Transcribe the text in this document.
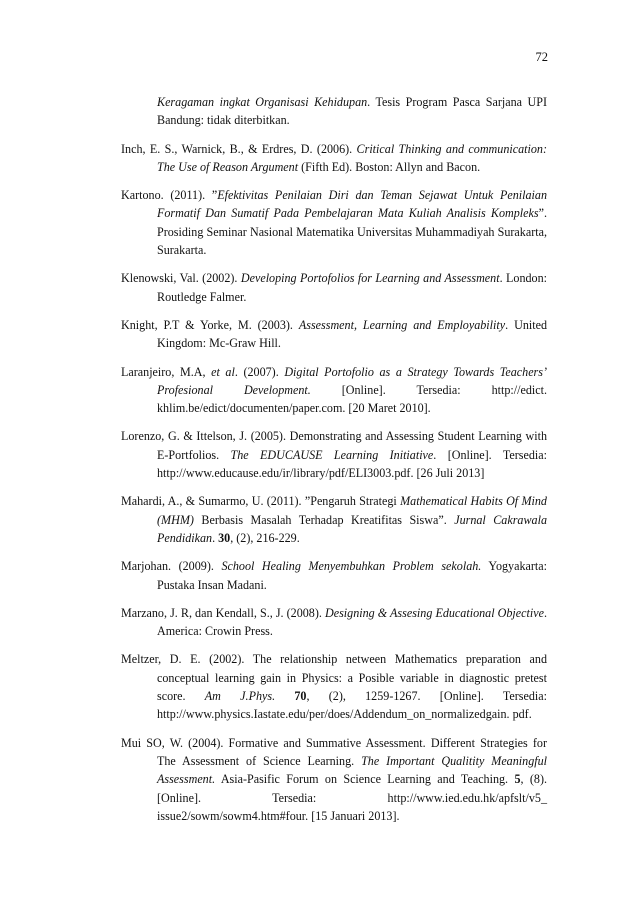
72

Keragaman ingkat Organisasi Kehidupan. Tesis Program Pasca Sarjana UPI Bandung: tidak diterbitkan.

Inch, E. S., Warnick, B., & Erdres, D. (2006). Critical Thinking and communication: The Use of Reason Argument (Fifth Ed). Boston: Allyn and Bacon.

Kartono. (2011). ”Efektivitas Penilaian Diri dan Teman Sejawat Untuk Penilaian Formatif Dan Sumatif Pada Pembelajaran Mata Kuliah Analisis Kompleks”. Prosiding Seminar Nasional Matematika Universitas Muhammadiyah Surakarta, Surakarta.

Klenowski, Val. (2002). Developing Portofolios for Learning and Assessment. London: Routledge Falmer.

Knight, P.T & Yorke, M. (2003). Assessment, Learning and Employability. United Kingdom: Mc-Graw Hill.

Laranjeiro, M.A, et al. (2007). Digital Portofolio as a Strategy Towards Teachers’ Profesional Development. [Online]. Tersedia: http://edict. khlim.be/edict/documenten/paper.com. [20 Maret 2010].

Lorenzo, G. & Ittelson, J. (2005). Demonstrating and Assessing Student Learning with E-Portfolios. The EDUCAUSE Learning Initiative. [Online]. Tersedia: http://www.educause.edu/ir/library/pdf/ELI3003.pdf. [26 Juli 2013]

Mahardi, A., & Sumarmo, U. (2011). ”Pengaruh Strategi Mathematical Habits Of Mind (MHM) Berbasis Masalah Terhadap Kreatifitas Siswa”. Jurnal Cakrawala Pendidikan. 30, (2), 216-229.

Marjohan. (2009). School Healing Menyembuhkan Problem sekolah. Yogyakarta: Pustaka Insan Madani.

Marzano, J. R, dan Kendall, S., J. (2008). Designing & Assesing Educational Objective. America: Crowin Press.

Meltzer, D. E. (2002). The relationship netween Mathematics preparation and conceptual learning gain in Physics: a Posible variable in diagnostic pretest score. Am J.Phys. 70, (2), 1259-1267. [Online]. Tersedia: http://www.physics.Iastate.edu/per/does/Addendum_on_normalizedgain. pdf.

Mui SO, W. (2004). Formative and Summative Assessment. Different Strategies for The Assessment of Science Learning. The Important Qualitity Meaningful Assessment. Asia-Pasific Forum on Science Learning and Teaching. 5, (8). [Online]. Tersedia: http://www.ied.edu.hk/apfslt/v5_ issue2/sowm/sowm4.htm#four. [15 Januari 2013].
